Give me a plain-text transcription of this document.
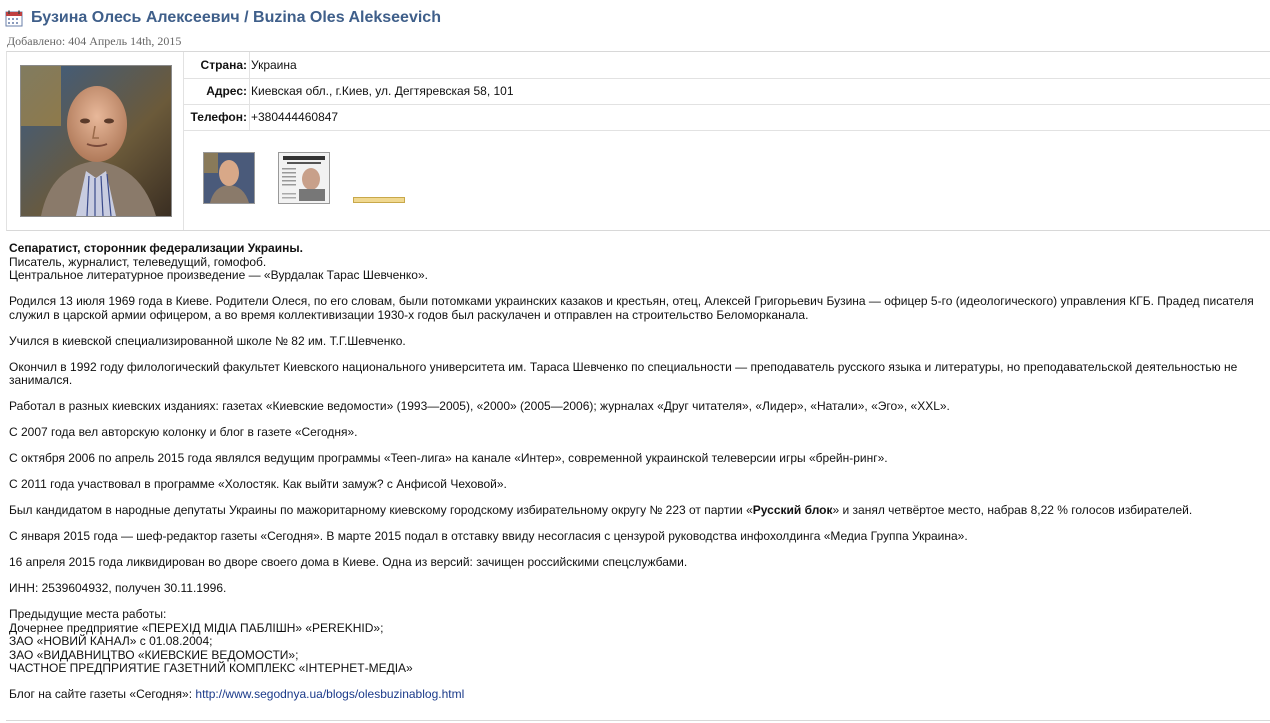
Бузина Олесь Алексеевич / Buzina Oles Alekseevich
Добавлено: 404 Апрель 14th, 2015
Страна: Украина
Адрес: Киевская обл., г.Киев, ул. Дегтяревская 58, 101
Телефон: +380444460847

Сепаратист, сторонник федерализации Украины.
Писатель, журналист, телеведущий, гомофоб.
Центральное литературное произведение — «Вурдалак Тарас Шевченко».

Родился 13 июля 1969 года в Киеве. Родители Олеся, по его словам, были потомками украинских казаков и крестьян, отец, Алексей Григорьевич Бузина — офицер 5-го (идеологического) управления КГБ. Прадед писателя
служил в царской армии офицером, а во время коллективизации 1930-х годов был раскулачен и отправлен на строительство Беломорканала.

Учился в киевской специализированной школе № 82 им. Т.Г.Шевченко.

Окончил в 1992 году филологический факультет Киевского национального университета им. Тараса Шевченко по специальности — преподаватель русского языка и литературы, но преподавательской деятельностью не
занимался.

Работал в разных киевских изданиях: газетах «Киевские ведомости» (1993—2005), «2000» (2005—2006); журналах «Друг читателя», «Лидер», «Натали», «Эго», «XXL».

С 2007 года вел авторскую колонку и блог в газете «Сегодня».

С октября 2006 по апрель 2015 года являлся ведущим программы «Teen-лига» на канале «Интер», современной украинской телеверсии игры «брейн-ринг».

С 2011 года участвовал в программе «Холостяк. Как выйти замуж? с Анфисой Чеховой».

Был кандидатом в народные депутаты Украины по мажоритарному киевскому городскому избирательному округу № 223 от партии «Русский блок» и занял четвёртое место, набрав 8,22 % голосов избирателей.

С января 2015 года — шеф-редактор газеты «Сегодня». В марте 2015 подал в отставку ввиду несогласия с цензурой руководства инфохолдинга «Медиа Группа Украина».

16 апреля 2015 года ликвидирован во дворе своего дома в Киеве. Одна из версий: зачищен российскими спецслужбами.

ИНН: 2539604932, получен 30.11.1996.

Предыдущие места работы:
Дочернее предприятие «ПЕРЕХІД МІДІА ПАБЛІШН» «PEREKHID»;
ЗАО «НОВИЙ КАНАЛ» с 01.08.2004;
ЗАО «ВИДАВНИЦТВО «КИЕВСКИЕ ВЕДОМОСТИ»;
ЧАСТНОЕ ПРЕДПРИЯТИЕ ГАЗЕТНИЙ КОМПЛЕКС «ІНТЕРНЕТ-МЕДІА»

Блог на сайте газеты «Сегодня»: http://www.segodnya.ua/blogs/olesbuzinablog.html
